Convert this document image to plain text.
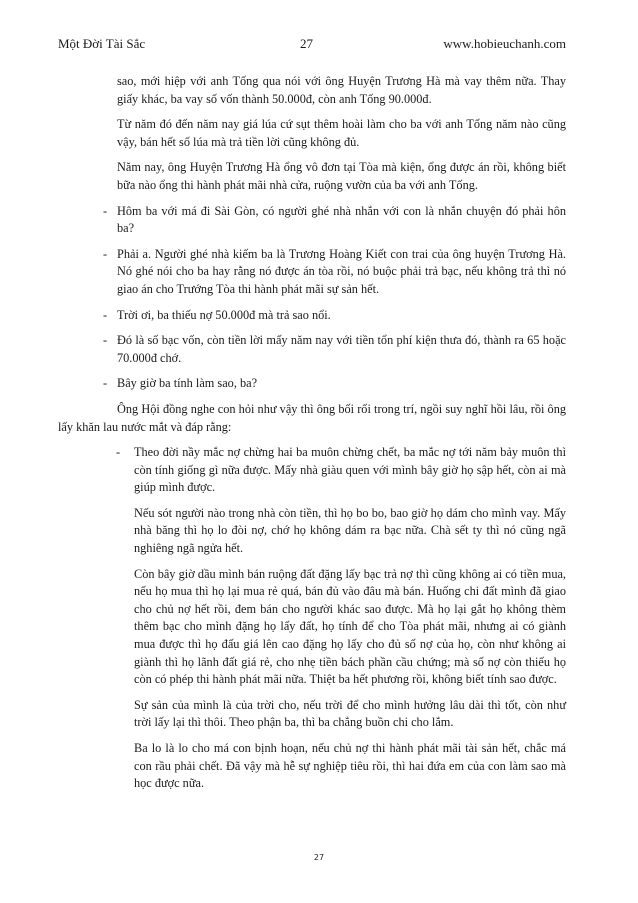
Một Đời Tài Sắc	27	www.hobieuchanh.com

sao, mới hiệp với anh Tống qua nói với ông Huyện Trương Hà mà vay thêm nữa. Thay giấy khác, ba vay số vốn thành 50.000đ, còn anh Tống 90.000đ.

Từ năm đó đến năm nay giá lúa cứ sụt thêm hoài làm cho ba với anh Tống năm nào cũng vậy, bán hết số lúa mà trả tiền lời cũng không đủ.

Năm nay, ông Huyện Trương Hà ổng vô đơn tại Tòa mà kiện, ổng được án rồi, không biết bữa nào ổng thi hành phát mãi nhà cửa, ruộng vườn của ba với anh Tống.

- Hôm ba với má đi Sài Gòn, có người ghé nhà nhắn với con là nhắn chuyện đó phải hôn ba?
- Phải a. Người ghé nhà kiếm ba là Trương Hoàng Kiết con trai của ông huyện Trương Hà. Nó ghé nói cho ba hay rằng nó được án tòa rồi, nó buộc phải trả bạc, nếu không trả thì nó giao án cho Trướng Tòa thi hành phát mãi sự sản hết.
- Trời ơi, ba thiếu nợ 50.000đ mà trả sao nổi.
- Đó là số bạc vốn, còn tiền lời mấy năm nay với tiền tổn phí kiện thưa đó, thành ra 65 hoặc 70.000đ chớ.
- Bây giờ ba tính làm sao, ba?

Ông Hội đồng nghe con hỏi như vậy thì ông bối rối trong trí, ngồi suy nghĩ hồi lâu, rồi ông lấy khăn lau nước mắt và đáp rằng:

- Theo đời nầy mắc nợ chừng hai ba muôn chừng chết, ba mắc nợ tới năm bảy muôn thì còn tính giống gì nữa được. Mấy nhà giàu quen với mình bây giờ họ sập hết, còn ai mà giúp mình được.

Nếu sót người nào trong nhà còn tiền, thì họ bo bo, bao giờ họ dám cho mình vay. Mấy nhà băng thì họ lo đòi nợ, chớ họ không dám ra bạc nữa. Chà sết ty thì nó cũng ngã nghiêng ngã ngửa hết.

Còn bây giờ dầu mình bán ruộng đất đặng lấy bạc trả nợ thì cũng không ai có tiền mua, nếu họ mua thì họ lại mua rẻ quá, bán đủ vào đâu mà bán. Huống chi đất mình đã giao cho chủ nợ hết rồi, đem bán cho người khác sao được. Mà họ lại gắt họ không thèm thêm bạc cho mình đặng họ lấy đất, họ tính để cho Tòa phát mãi, nhưng ai có giành mua được thì họ đấu giá lên cao đặng họ lấy cho đủ số nợ của họ, còn như không ai giành thì họ lãnh đất giá rẻ, cho nhẹ tiền bách phần cầu chứng; mà số nợ còn thiếu họ còn có phép thi hành phát mãi nữa. Thiệt ba hết phương rồi, không biết tính sao được.

Sự sản của mình là của trời cho, nếu trời để cho mình hưởng lâu dài thì tốt, còn như trời lấy lại thì thôi. Theo phận ba, thì ba chẳng buồn chi cho lắm.

Ba lo là lo cho má con bịnh hoạn, nếu chủ nợ thi hành phát mãi tài sản hết, chắc má con rầu phải chết. Đã vậy mà hễ sự nghiệp tiêu rồi, thì hai đứa em của con làm sao mà học được nữa.

27
